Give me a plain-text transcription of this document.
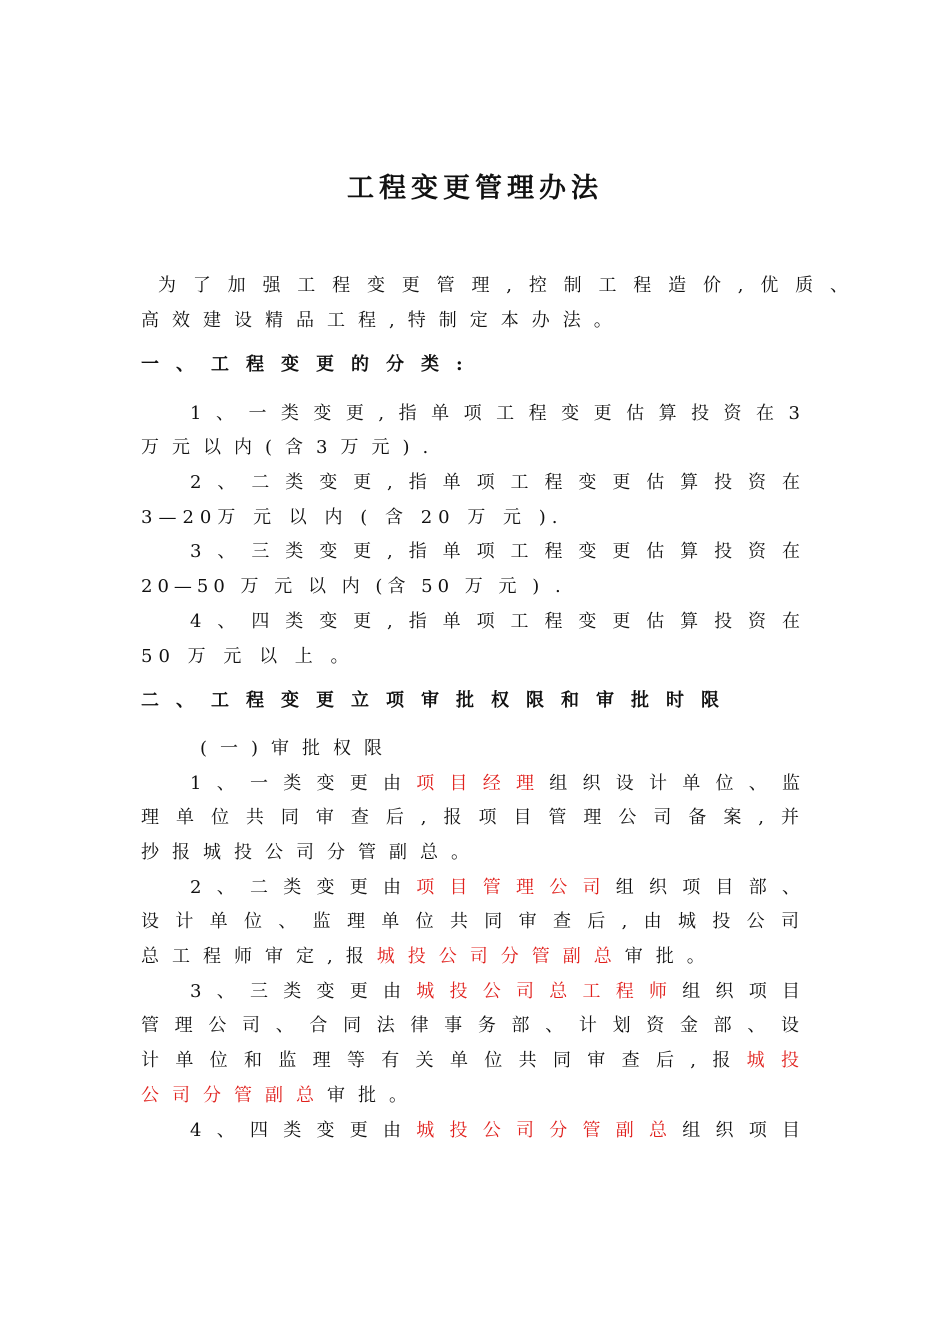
工程变更管理办法
为了加强工程变更管理,控制工程造价,优质、
高效建设精品工程,特制定本办法。
一、工程变更的分类:
1、一类变更,指单项工程变更估算投资在3
万元以内(含3万元).
2、二类变更,指单项工程变更估算投资在
3—20万 元 以 内 ( 含 20 万 元 ).
3、三类变更,指单项工程变更估算投资在
20—50 万 元 以 内 (含 50 万 元 ) .
4、四类变更,指单项工程变更估算投资在
50 万 元 以 上 。
二、工程变更立项审批权限和审批时限
(一)审批权限
1、一类变更由项目经理组织设计单位、监
理单位共同审查后,报项目管理公司备案,并
抄报城投公司分管副总。
2、二类变更由项目管理公司组织项目部、
设计单位、监理单位共同审查后,由城投公司
总工程师审定,报城投公司分管副总审批。
3、三类变更由城投公司总工程师组织项目
管理公司、合同法律事务部、计划资金部、设
计单位和监理等有关单位共同审查后,报城投
公司分管副总审批。
4、四类变更由城投公司分管副总组织项目
